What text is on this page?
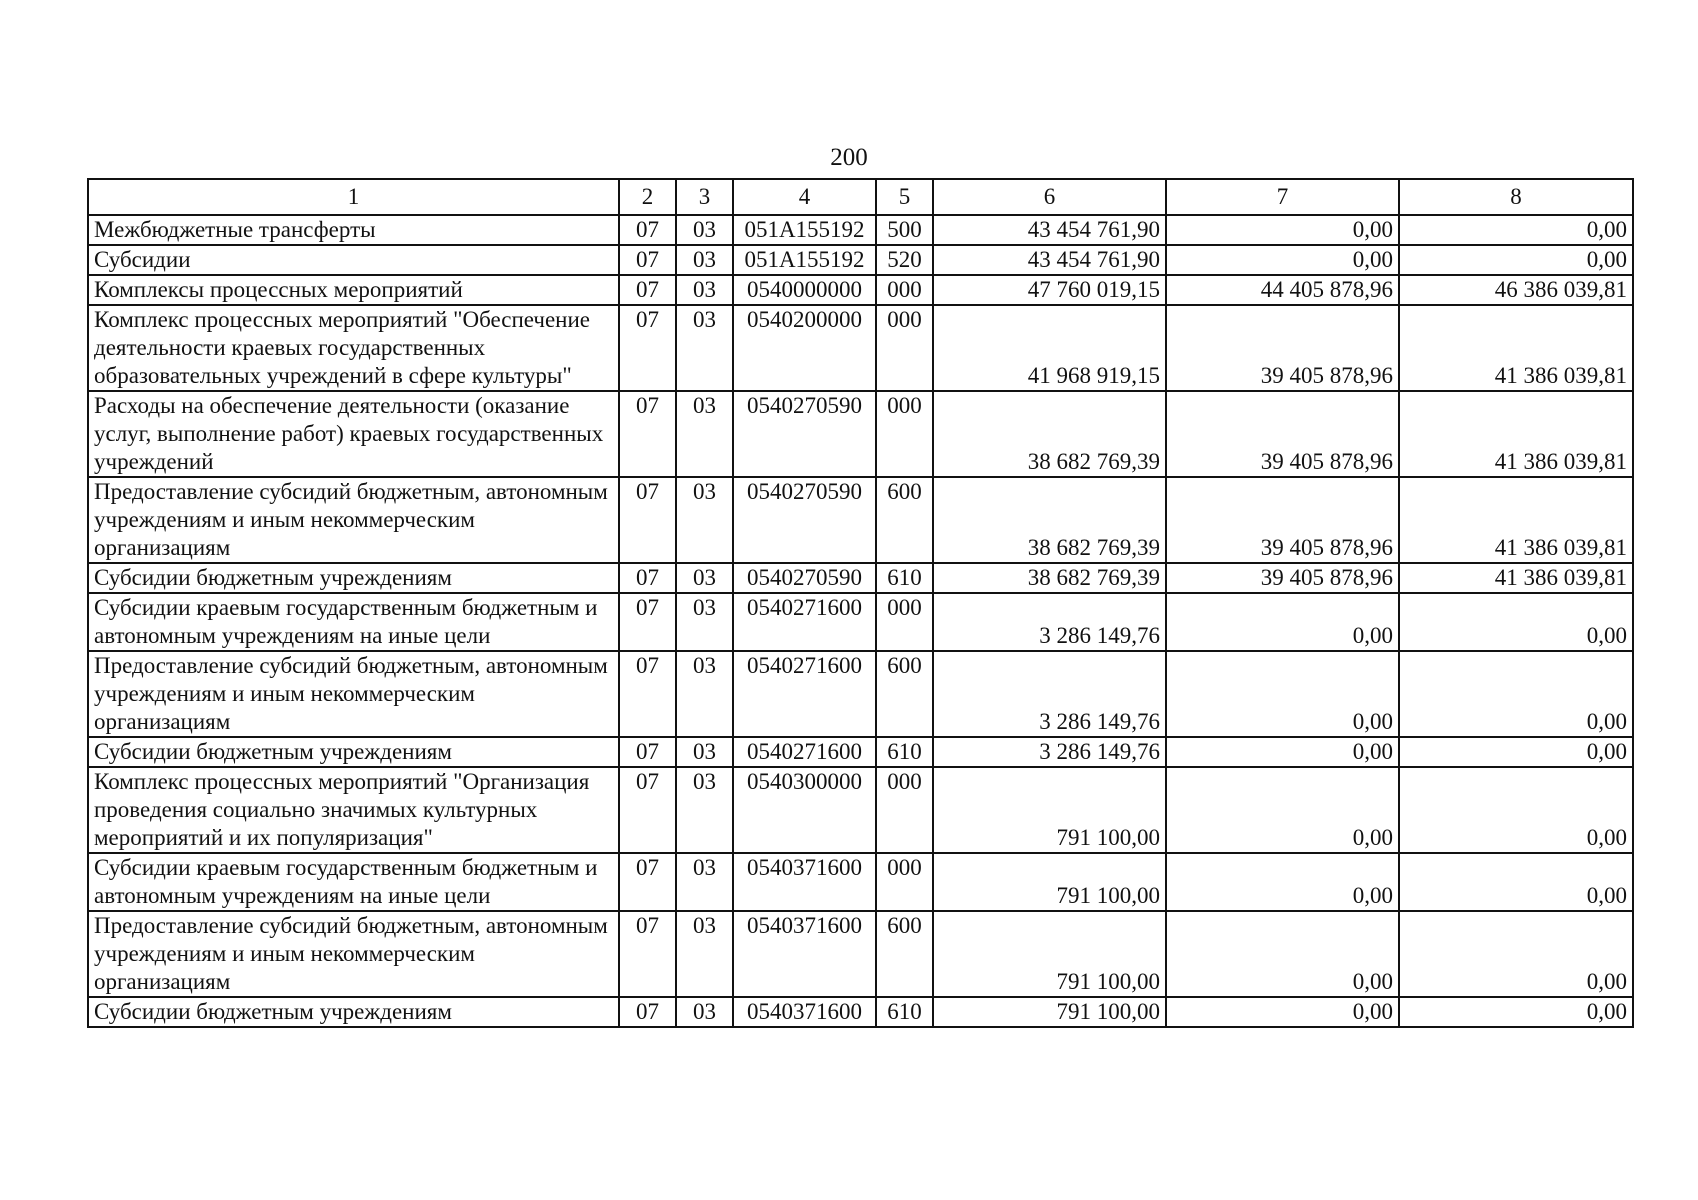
200
1	2	3	4	5	6	7	8
Межбюджетные трансферты	07	03	051A155192	500	43 454 761,90	0,00	0,00
Субсидии	07	03	051A155192	520	43 454 761,90	0,00	0,00
Комплексы процессных мероприятий	07	03	0540000000	000	47 760 019,15	44 405 878,96	46 386 039,81
Комплекс процессных мероприятий "Обеспечение деятельности краевых государственных образовательных учреждений в сфере культуры"	07	03	0540200000	000	41 968 919,15	39 405 878,96	41 386 039,81
Расходы на обеспечение деятельности (оказание услуг, выполнение работ) краевых государственных учреждений	07	03	0540270590	000	38 682 769,39	39 405 878,96	41 386 039,81
Предоставление субсидий бюджетным, автономным учреждениям и иным некоммерческим организациям	07	03	0540270590	600	38 682 769,39	39 405 878,96	41 386 039,81
Субсидии бюджетным учреждениям	07	03	0540270590	610	38 682 769,39	39 405 878,96	41 386 039,81
Субсидии краевым государственным бюджетным и автономным учреждениям на иные цели	07	03	0540271600	000	3 286 149,76	0,00	0,00
Предоставление субсидий бюджетным, автономным учреждениям и иным некоммерческим организациям	07	03	0540271600	600	3 286 149,76	0,00	0,00
Субсидии бюджетным учреждениям	07	03	0540271600	610	3 286 149,76	0,00	0,00
Комплекс процессных мероприятий "Организация проведения социально значимых культурных мероприятий и их популяризация"	07	03	0540300000	000	791 100,00	0,00	0,00
Субсидии краевым государственным бюджетным и автономным учреждениям на иные цели	07	03	0540371600	000	791 100,00	0,00	0,00
Предоставление субсидий бюджетным, автономным учреждениям и иным некоммерческим организациям	07	03	0540371600	600	791 100,00	0,00	0,00
Субсидии бюджетным учреждениям	07	03	0540371600	610	791 100,00	0,00	0,00
